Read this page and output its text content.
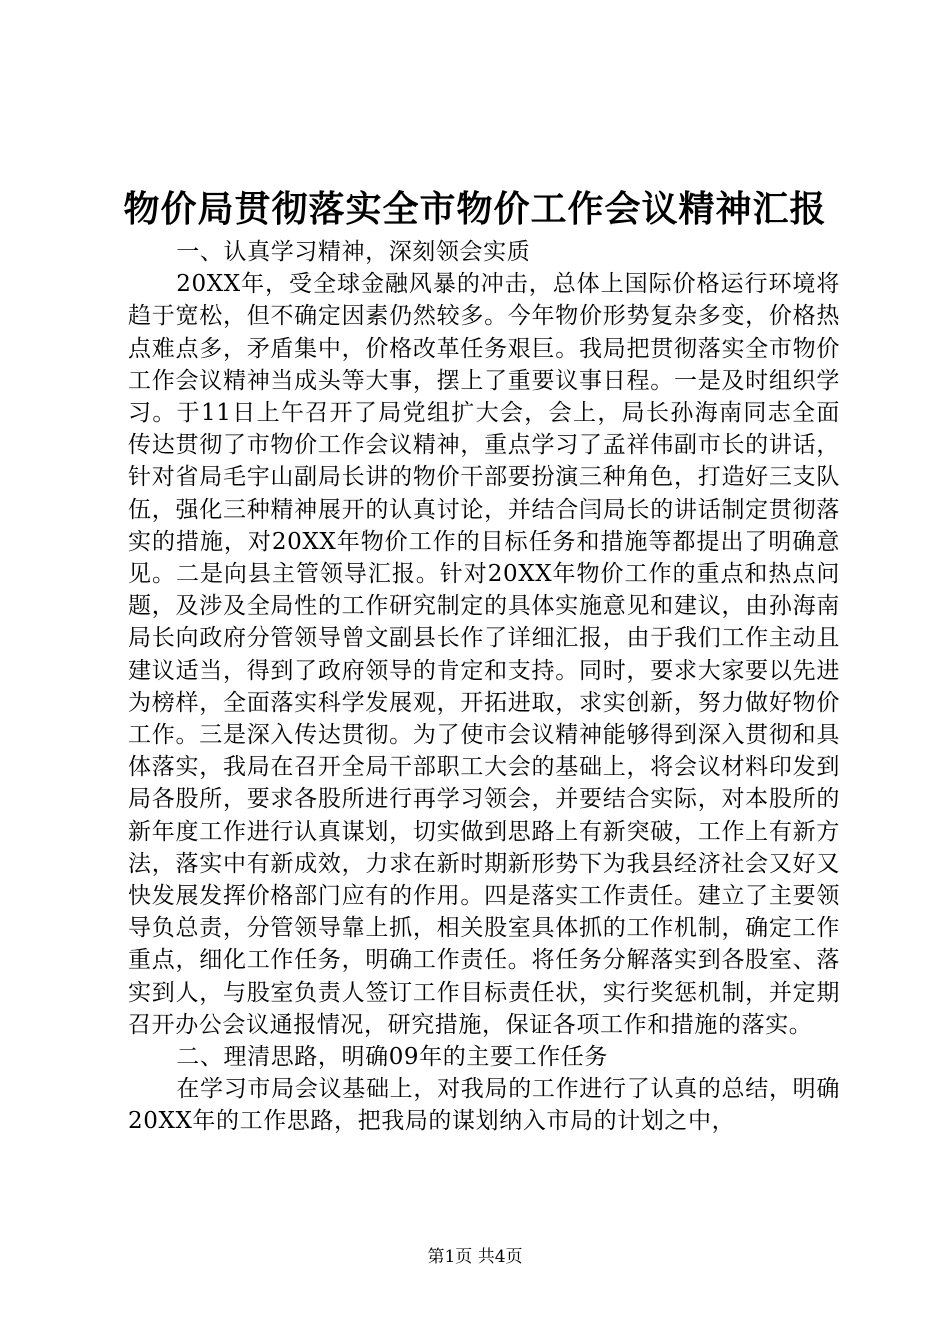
物价局贯彻落实全市物价工作会议精神汇报

一、认真学习精神，深刻领会实质

20XX年，受全球金融风暴的冲击，总体上国际价格运行环境将趋于宽松，但不确定因素仍然较多。今年物价形势复杂多变，价格热点难点多，矛盾集中，价格改革任务艰巨。我局把贯彻落实全市物价工作会议精神当成头等大事，摆上了重要议事日程。一是及时组织学习。于11日上午召开了局党组扩大会，会上，局长孙海南同志全面传达贯彻了市物价工作会议精神，重点学习了孟祥伟副市长的讲话，针对省局毛宇山副局长讲的物价干部要扮演三种角色，打造好三支队伍，强化三种精神展开的认真讨论，并结合闫局长的讲话制定贯彻落实的措施，对20XX年物价工作的目标任务和措施等都提出了明确意见。二是向县主管领导汇报。针对20XX年物价工作的重点和热点问题，及涉及全局性的工作研究制定的具体实施意见和建议，由孙海南局长向政府分管领导曾文副县长作了详细汇报，由于我们工作主动且建议适当，得到了政府领导的肯定和支持。同时，要求大家要以先进为榜样，全面落实科学发展观，开拓进取，求实创新，努力做好物价工作。三是深入传达贯彻。为了使市会议精神能够得到深入贯彻和具体落实，我局在召开全局干部职工大会的基础上，将会议材料印发到局各股所，要求各股所进行再学习领会，并要结合实际，对本股所的新年度工作进行认真谋划，切实做到思路上有新突破，工作上有新方法，落实中有新成效，力求在新时期新形势下为我县经济社会又好又快发展发挥价格部门应有的作用。四是落实工作责任。建立了主要领导负总责，分管领导靠上抓，相关股室具体抓的工作机制，确定工作重点，细化工作任务，明确工作责任。将任务分解落实到各股室、落实到人，与股室负责人签订工作目标责任状，实行奖惩机制，并定期召开办公会议通报情况，研究措施，保证各项工作和措施的落实。

二、理清思路，明确09年的主要工作任务

在学习市局会议基础上，对我局的工作进行了认真的总结，明确20XX年的工作思路，把我局的谋划纳入市局的计划之中，

第1页 共4页
